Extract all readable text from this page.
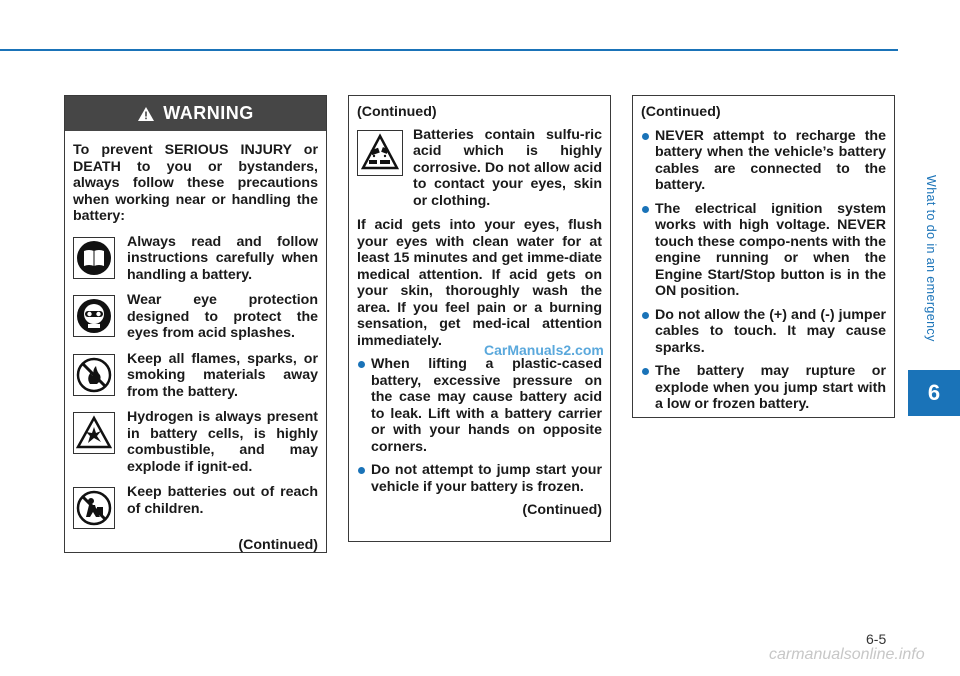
What to do in an emergency
6
WARNING
To prevent SERIOUS INJURY or DEATH to you or bystanders, always follow these precautions when working near or handling the battery:
Always read and follow instructions carefully when handling a battery.
Wear eye protection designed to protect the eyes from acid splashes.
Keep all flames, sparks, or smoking materials away from the battery.
Hydrogen is always present in battery cells, is highly combustible, and may explode if ignit-ed.
Keep batteries out of reach of children.
(Continued)
(Continued)
Batteries contain sulfu-ric acid which is highly corrosive. Do not allow acid to contact your eyes, skin or clothing.
If acid gets into your eyes, flush your eyes with clean water for at least 15 minutes and get imme-diate medical attention. If acid gets on your skin, thoroughly wash the area. If you feel pain or a burning sensation, get med-ical attention immediately.
When lifting a plastic-cased battery, excessive pressure on the case may cause battery acid to leak. Lift with a battery carrier or with your hands on opposite corners.
Do not attempt to jump start your vehicle if your battery is frozen.
(Continued)
(Continued)
NEVER attempt to recharge the battery when the vehicle’s battery cables are connected to the battery.
The electrical ignition system works with high voltage. NEVER touch these compo-nents with the engine running or when the Engine Start/Stop button is in the ON position.
Do not allow the (+) and (-) jumper cables to touch. It may cause sparks.
The battery may rupture or explode when you jump start with a low or frozen battery.
CarManuals2.com
6-5
carmanualsonline.info
